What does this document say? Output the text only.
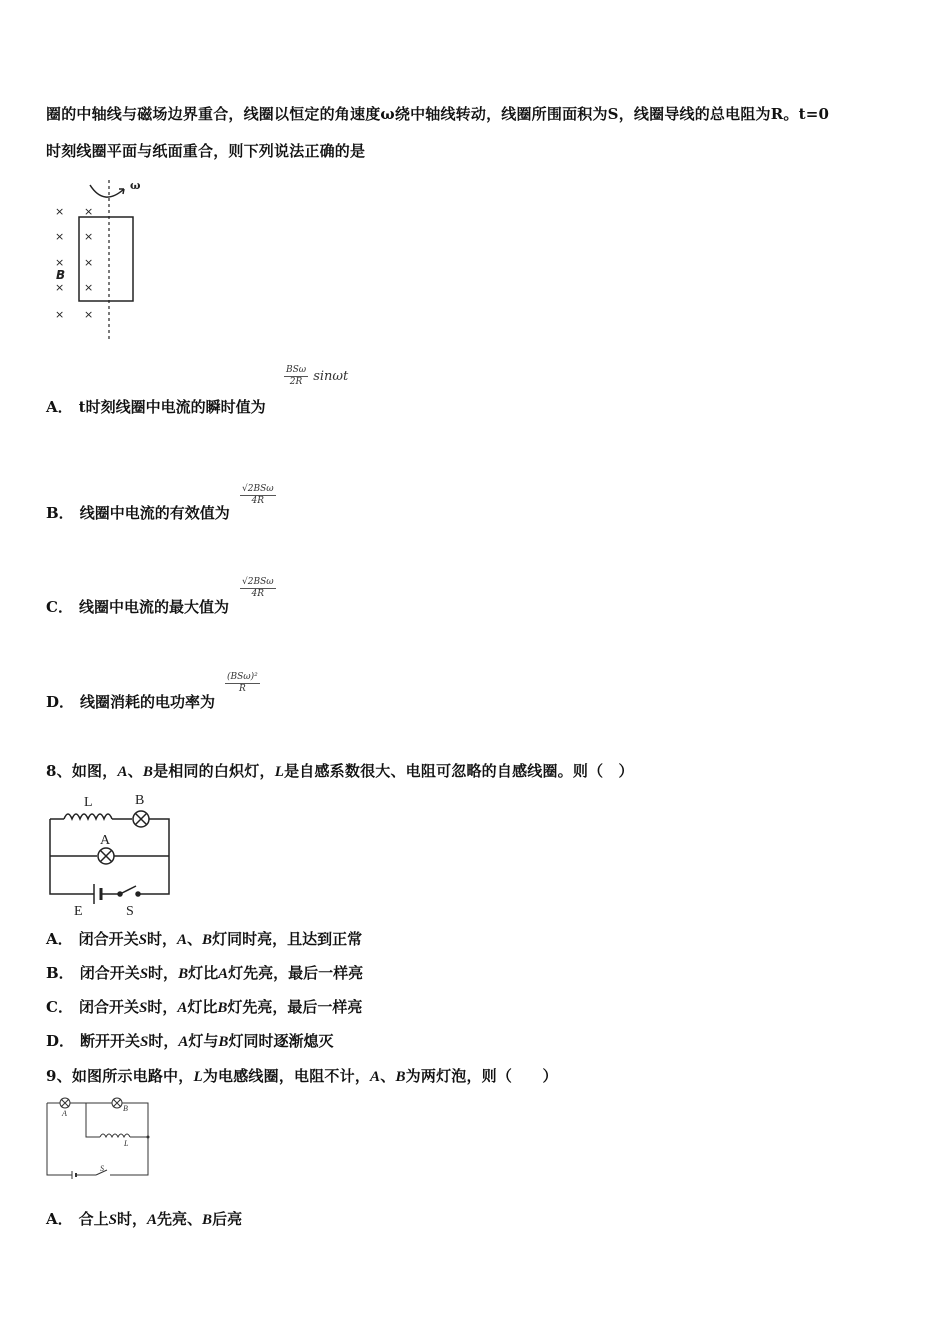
圈的中轴线与磁场边界重合，线圈以恒定的角速度ω绕中轴线转动，线圈所围面积为S，线圈导线的总电阻为R。t=0
时刻线圈平面与纸面重合，则下列说法正确的是
×
×
×
×
×
×
×
×
×
×
B
ω
$\frac{\text{BSω}}{2R}$ sinωt
A． t时刻线圈中电流的瞬时值为
$\frac{\text{√2BSω}}{4R}$
B． 线圈中电流的有效值为
$\frac{\text{√2BSω}}{4R}$
C． 线圈中电流的最大值为
$\frac{\text{(BSω)²}}{R}$
D． 线圈消耗的电功率为
8、如图，A、B是相同的白炽灯，L是自感系数很大、电阻可忽略的自感线圈。则（　）
L	B
A
E	S
A． 闭合开关S时，A、B灯同时亮，且达到正常
B． 闭合开关S时，B灯比A灯先亮，最后一样亮
C． 闭合开关S时，A灯比B灯先亮，最后一样亮
D． 断开开关S时，A灯与B灯同时逐渐熄灭
9、如图所示电路中，L为电感线圈，电阻不计，A、B为两灯泡，则（　　）
A
B
L
S
A． 合上S时，A先亮、B后亮
